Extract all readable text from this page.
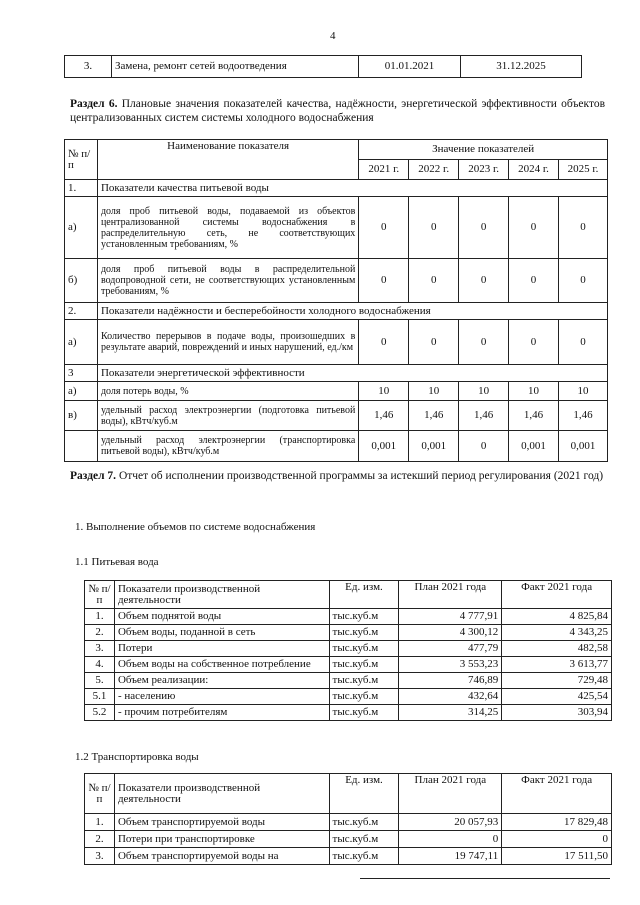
4
3.	Замена, ремонт сетей водоотведения	01.01.2021	31.12.2025
Раздел 6. Плановые значения показателей качества, надёжности, энергетической эффективности объектов централизованных систем системы холодного водоснабжения
№ п/п	Наименование показателя	Значение показателей				
		2021 г.	2022 г.	2023 г.	2024 г.	2025 г.
1.	Показатели качества питьевой воды					
а)	доля проб питьевой воды, подаваемой из объектов централизованной системы водоснабжения в распределительную сеть, не соответствующих установленным требованиям, %	0	0	0	0	0
б)	доля проб питьевой воды в распределительной водопроводной сети, не соответствующих установленным требованиям, %	0	0	0	0	0
2.	Показатели надёжности и бесперебойности холодного водоснабжения					
а)	Количество перерывов в подаче воды, произошедших в результате аварий, повреждений и иных нарушений, ед./км	0	0	0	0	0
3	Показатели энергетической эффективности					
а)	доля потерь воды, %	10	10	10	10	10
в)	удельный расход электроэнергии (подготовка питьевой воды), кВтч/куб.м	1,46	1,46	1,46	1,46	1,46
	удельный расход электроэнергии (транспортировка питьевой воды), кВтч/куб.м	0,001	0,001	0	0,001	0,001
Раздел 7. Отчет об исполнении производственной программы за истекший период регулирования (2021 год)
1. Выполнение объемов по системе водоснабжения
1.1 Питьевая вода
№ п/п	Показатели производственной деятельности	Ед. изм.	План 2021 года	Факт 2021 года
1.	Объем поднятой воды	тыс.куб.м	4 777,91	4 825,84
2.	Объем воды, поданной в сеть	тыс.куб.м	4 300,12	4 343,25
3.	Потери	тыс.куб.м	477,79	482,58
4.	Объем воды на собственное потребление	тыс.куб.м	3 553,23	3 613,77
5.	Объем реализации:	тыс.куб.м	746,89	729,48
5.1	- населению	тыс.куб.м	432,64	425,54
5.2	- прочим потребителям	тыс.куб.м	314,25	303,94
1.2 Транспортировка воды
№ п/п	Показатели производственной деятельности	Ед. изм.	План 2021 года	Факт 2021 года
1.	Объем транспортируемой воды	тыс.куб.м	20 057,93	17 829,48
2.	Потери при транспортировке	тыс.куб.м	0	0
3.	Объем транспортируемой воды на	тыс.куб.м	19 747,11	17 511,50
